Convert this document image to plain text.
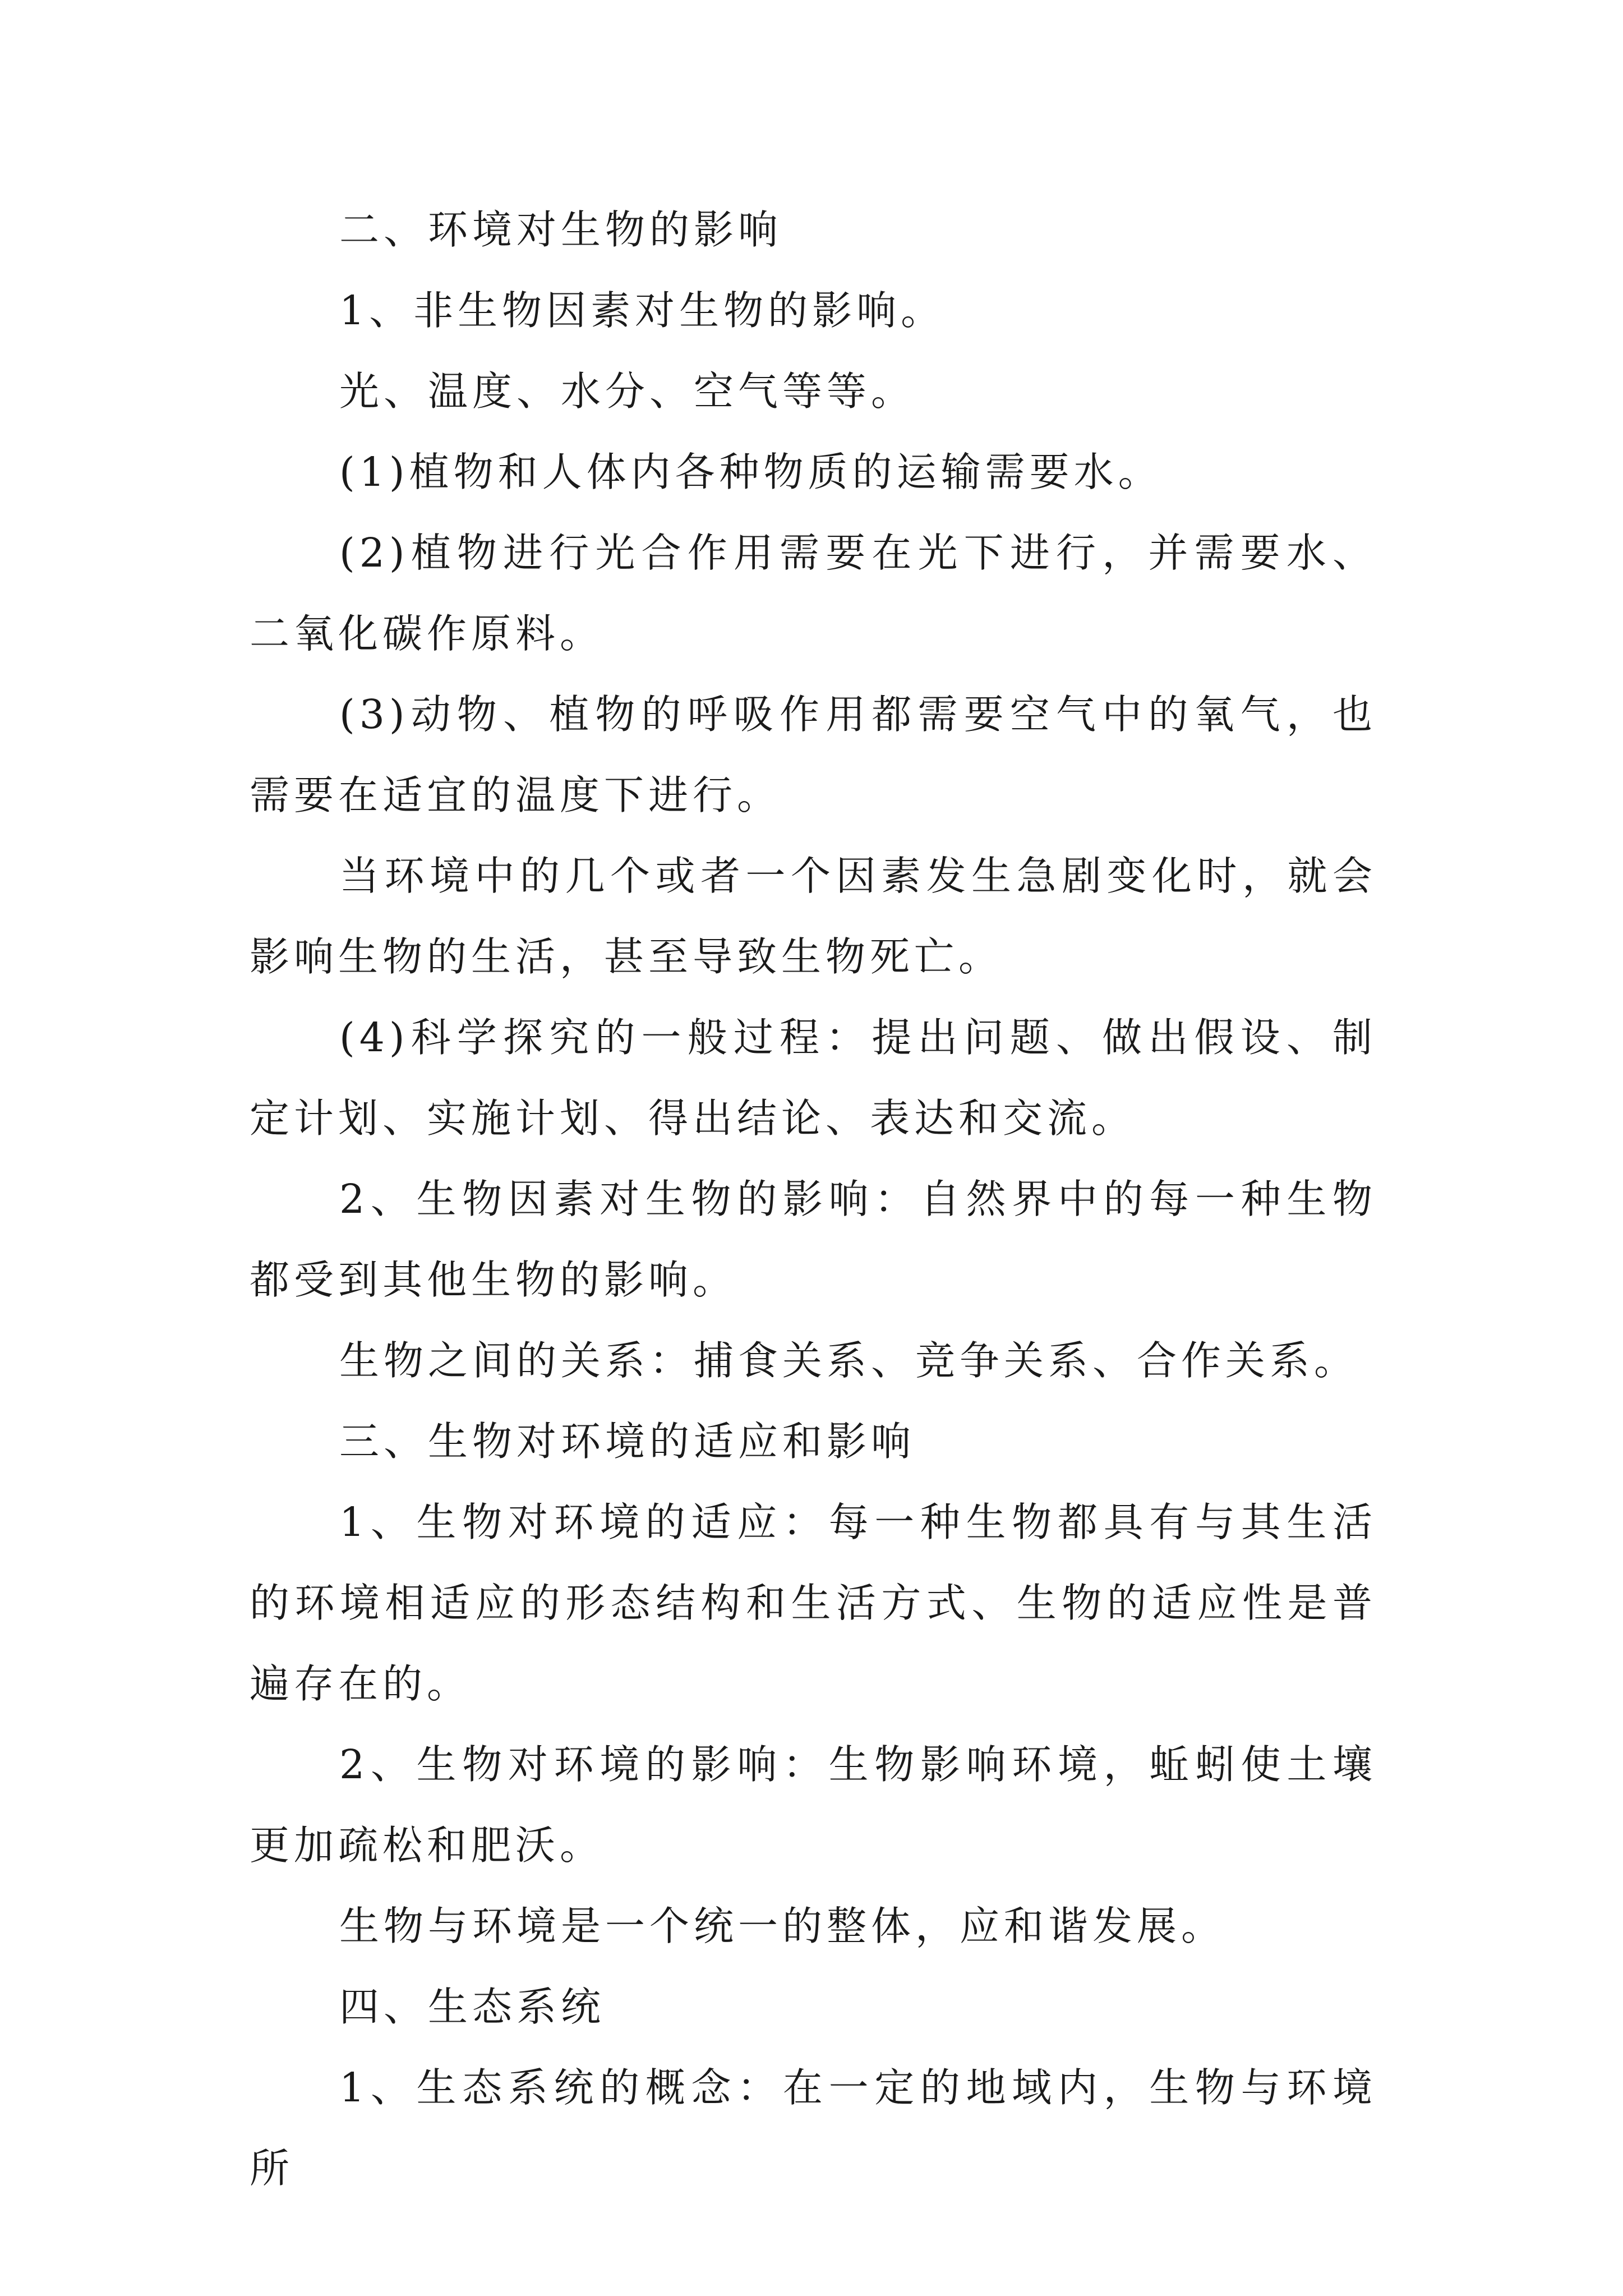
二、环境对生物的影响

1、非生物因素对生物的影响。

光、温度、水分、空气等等。

(1)植物和人体内各种物质的运输需要水。

(2)植物进行光合作用需要在光下进行，并需要水、二氧化碳作原料。

(3)动物、植物的呼吸作用都需要空气中的氧气，也需要在适宜的温度下进行。

当环境中的几个或者一个因素发生急剧变化时，就会影响生物的生活，甚至导致生物死亡。

(4)科学探究的一般过程：提出问题、做出假设、制定计划、实施计划、得出结论、表达和交流。

2、生物因素对生物的影响：自然界中的每一种生物都受到其他生物的影响。

生物之间的关系：捕食关系、竞争关系、合作关系。

三、生物对环境的适应和影响

1、生物对环境的适应：每一种生物都具有与其生活的环境相适应的形态结构和生活方式、生物的适应性是普遍存在的。

2、生物对环境的影响：生物影响环境，蚯蚓使土壤更加疏松和肥沃。

生物与环境是一个统一的整体，应和谐发展。

四、生态系统

1、生态系统的概念：在一定的地域内，生物与环境所
